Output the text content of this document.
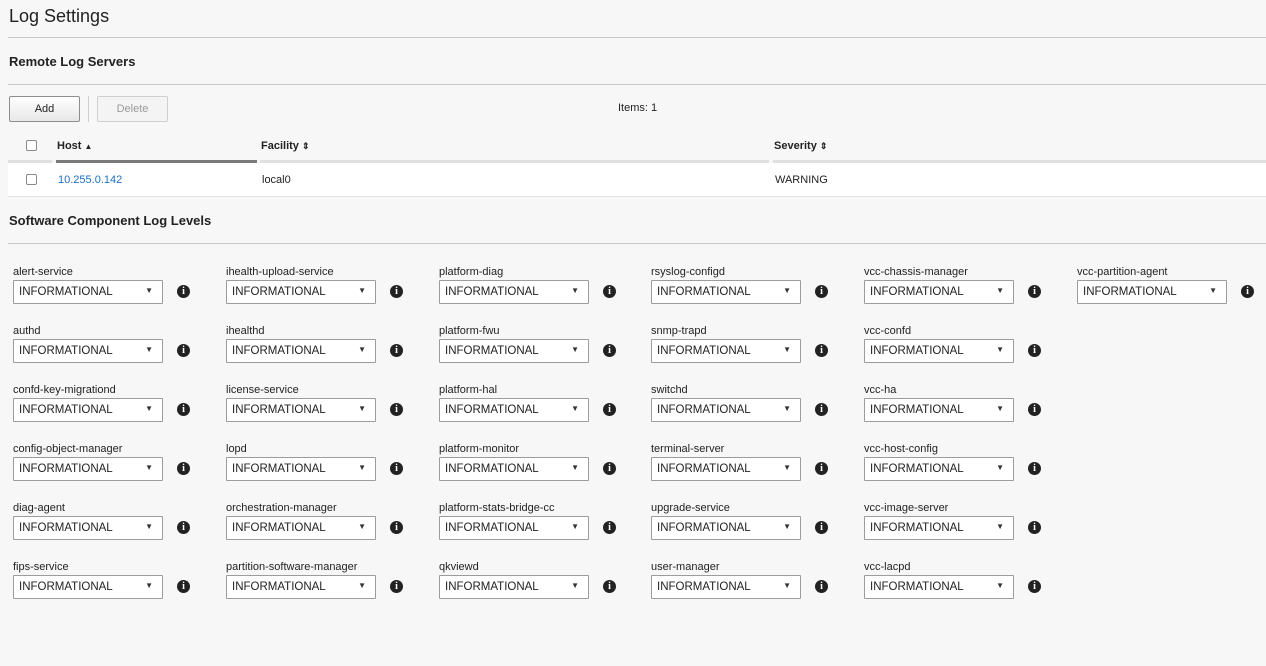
Log Settings
Remote Log Servers
Add	Delete	Items: 1
Host ▲	Facility ⇕	Severity ⇕
10.255.0.142	local0	WARNING
Software Component Log Levels
alert-service
INFORMATIONAL	▼	i
authd
INFORMATIONAL	▼	i
confd-key-migrationd
INFORMATIONAL	▼	i
config-object-manager
INFORMATIONAL	▼	i
diag-agent
INFORMATIONAL	▼	i
fips-service
INFORMATIONAL	▼	i
ihealth-upload-service
INFORMATIONAL	▼	i
ihealthd
INFORMATIONAL	▼	i
license-service
INFORMATIONAL	▼	i
lopd
INFORMATIONAL	▼	i
orchestration-manager
INFORMATIONAL	▼	i
partition-software-manager
INFORMATIONAL	▼	i
platform-diag
INFORMATIONAL	▼	i
platform-fwu
INFORMATIONAL	▼	i
platform-hal
INFORMATIONAL	▼	i
platform-monitor
INFORMATIONAL	▼	i
platform-stats-bridge-cc
INFORMATIONAL	▼	i
qkviewd
INFORMATIONAL	▼	i
rsyslog-configd
INFORMATIONAL	▼	i
snmp-trapd
INFORMATIONAL	▼	i
switchd
INFORMATIONAL	▼	i
terminal-server
INFORMATIONAL	▼	i
upgrade-service
INFORMATIONAL	▼	i
user-manager
INFORMATIONAL	▼	i
vcc-chassis-manager
INFORMATIONAL	▼	i
vcc-confd
INFORMATIONAL	▼	i
vcc-ha
INFORMATIONAL	▼	i
vcc-host-config
INFORMATIONAL	▼	i
vcc-image-server
INFORMATIONAL	▼	i
vcc-lacpd
INFORMATIONAL	▼	i
vcc-partition-agent
INFORMATIONAL	▼	i
